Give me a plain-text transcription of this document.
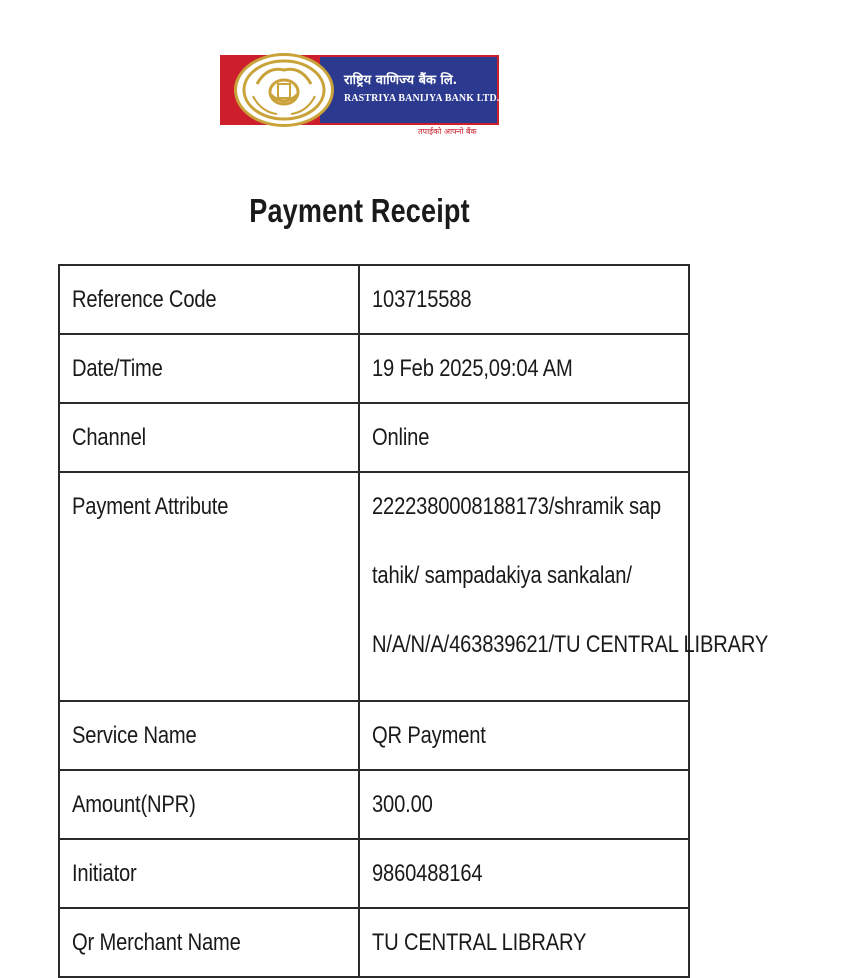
राष्ट्रिय वाणिज्य बैंक लि.
RASTRIYA BANIJYA BANK LTD.
तपाईंको आफ्नो बैंक
Payment Receipt
Reference Code	103715588
Date/Time	19 Feb 2025,09:04 AM
Channel	Online
Payment Attribute	2222380008188173/shramik sap
tahik/ sampadakiya sankalan/
N/A/N/A/463839621/TU CENTRAL LIBRARY

Service Name	QR Payment
Amount(NPR)	300.00
Initiator	9860488164
Qr Merchant Name	TU CENTRAL LIBRARY
